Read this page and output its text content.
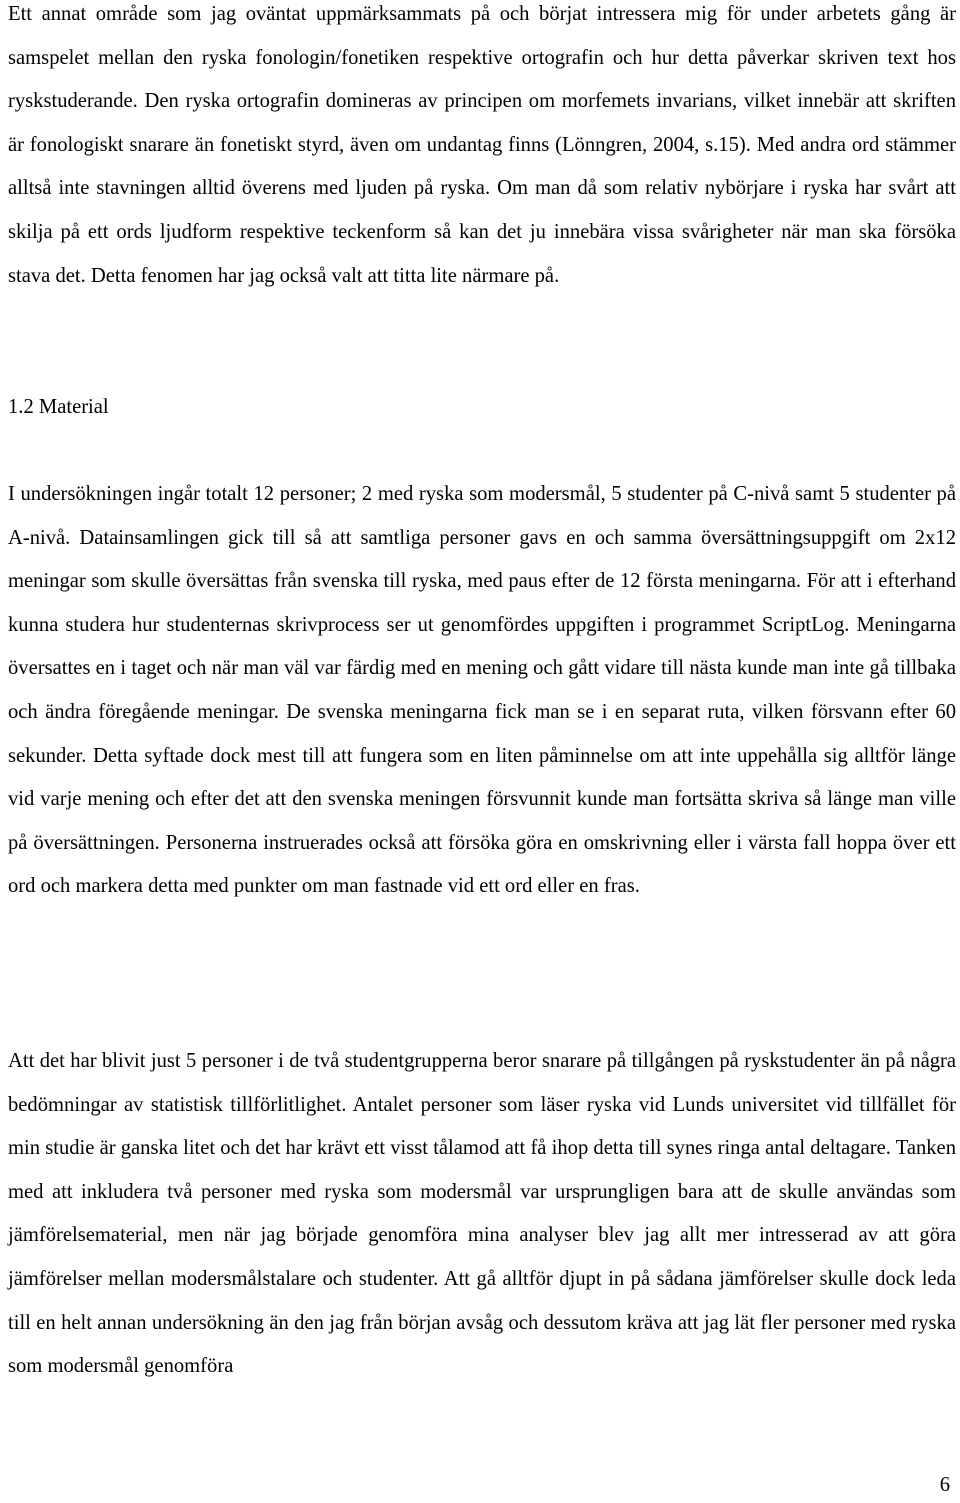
Ett annat område som jag oväntat uppmärksammats på och börjat intressera mig för under arbetets gång är samspelet mellan den ryska fonologin/fonetiken respektive ortografin och hur detta påverkar skriven text hos ryskstuderande. Den ryska ortografin domineras av principen om morfemets invarians, vilket innebär att skriften är fonologiskt snarare än fonetiskt styrd, även om undantag finns (Lönngren, 2004, s.15). Med andra ord stämmer alltså inte stavningen alltid överens med ljuden på ryska. Om man då som relativ nybörjare i ryska har svårt att skilja på ett ords ljudform respektive teckenform så kan det ju innebära vissa svårigheter när man ska försöka stava det. Detta fenomen har jag också valt att titta lite närmare på.

1.2 Material

I undersökningen ingår totalt 12 personer; 2 med ryska som modersmål, 5 studenter på C-nivå samt 5 studenter på A-nivå. Datainsamlingen gick till så att samtliga personer gavs en och samma översättningsuppgift om 2x12 meningar som skulle översättas från svenska till ryska, med paus efter de 12 första meningarna. För att i efterhand kunna studera hur studenternas skrivprocess ser ut genomfördes uppgiften i programmet ScriptLog. Meningarna översattes en i taget och när man väl var färdig med en mening och gått vidare till nästa kunde man inte gå tillbaka och ändra föregående meningar. De svenska meningarna fick man se i en separat ruta, vilken försvann efter 60 sekunder. Detta syftade dock mest till att fungera som en liten påminnelse om att inte uppehålla sig alltför länge vid varje mening och efter det att den svenska meningen försvunnit kunde man fortsätta skriva så länge man ville på översättningen. Personerna instruerades också att försöka göra en omskrivning eller i värsta fall hoppa över ett ord och markera detta med punkter om man fastnade vid ett ord eller en fras.

Att det har blivit just 5 personer i de två studentgrupperna beror snarare på tillgången på ryskstudenter än på några bedömningar av statistisk tillförlitlighet. Antalet personer som läser ryska vid Lunds universitet vid tillfället för min studie är ganska litet och det har krävt ett visst tålamod att få ihop detta till synes ringa antal deltagare. Tanken med att inkludera två personer med ryska som modersmål var ursprungligen bara att de skulle användas som jämförelsematerial, men när jag började genomföra mina analyser blev jag allt mer intresserad av att göra jämförelser mellan modersmålstalare och studenter. Att gå alltför djupt in på sådana jämförelser skulle dock leda till en helt annan undersökning än den jag från början avsåg och dessutom kräva att jag lät fler personer med ryska som modersmål genomföra

6
